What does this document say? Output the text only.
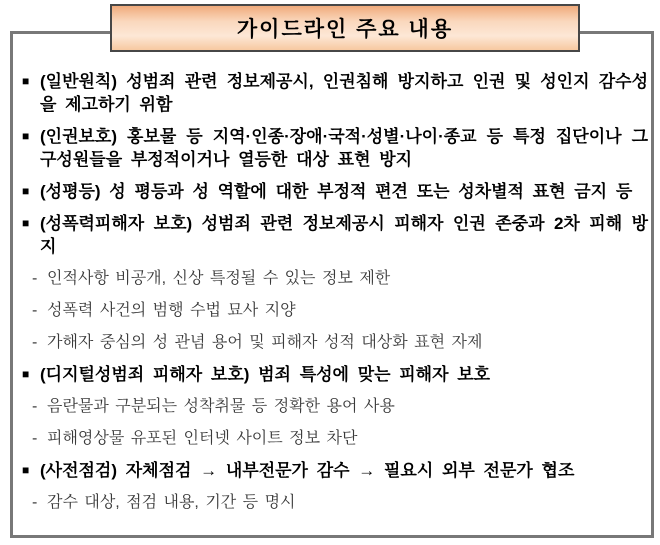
가이드라인 주요 내용
■ (일반원칙) 성범죄 관련 정보제공시, 인권침해 방지하고 인권 및 성인지 감수성을 제고하기 위함
■ (인권보호) 홍보물 등 지역·인종·장애·국적·성별·나이·종교 등 특정 집단이나 그 구성원들을 부정적이거나 열등한 대상 표현 방지
■ (성평등) 성 평등과 성 역할에 대한 부정적 편견 또는 성차별적 표현 금지 등
■ (성폭력피해자 보호) 성범죄 관련 정보제공시 피해자 인권 존중과 2차 피해 방지
- 인적사항 비공개, 신상 특정될 수 있는 정보 제한
- 성폭력 사건의 범행 수법 묘사 지양
- 가해자 중심의 성 관념 용어 및 피해자 성적 대상화 표현 자제
■ (디지털성범죄 피해자 보호) 범죄 특성에 맞는 피해자 보호
- 음란물과 구분되는 성착취물 등 정확한 용어 사용
- 피해영상물 유포된 인터넷 사이트 정보 차단
■ (사전점검) 자체점검 → 내부전문가 감수 → 필요시 외부 전문가 협조
- 감수 대상, 점검 내용, 기간 등 명시
